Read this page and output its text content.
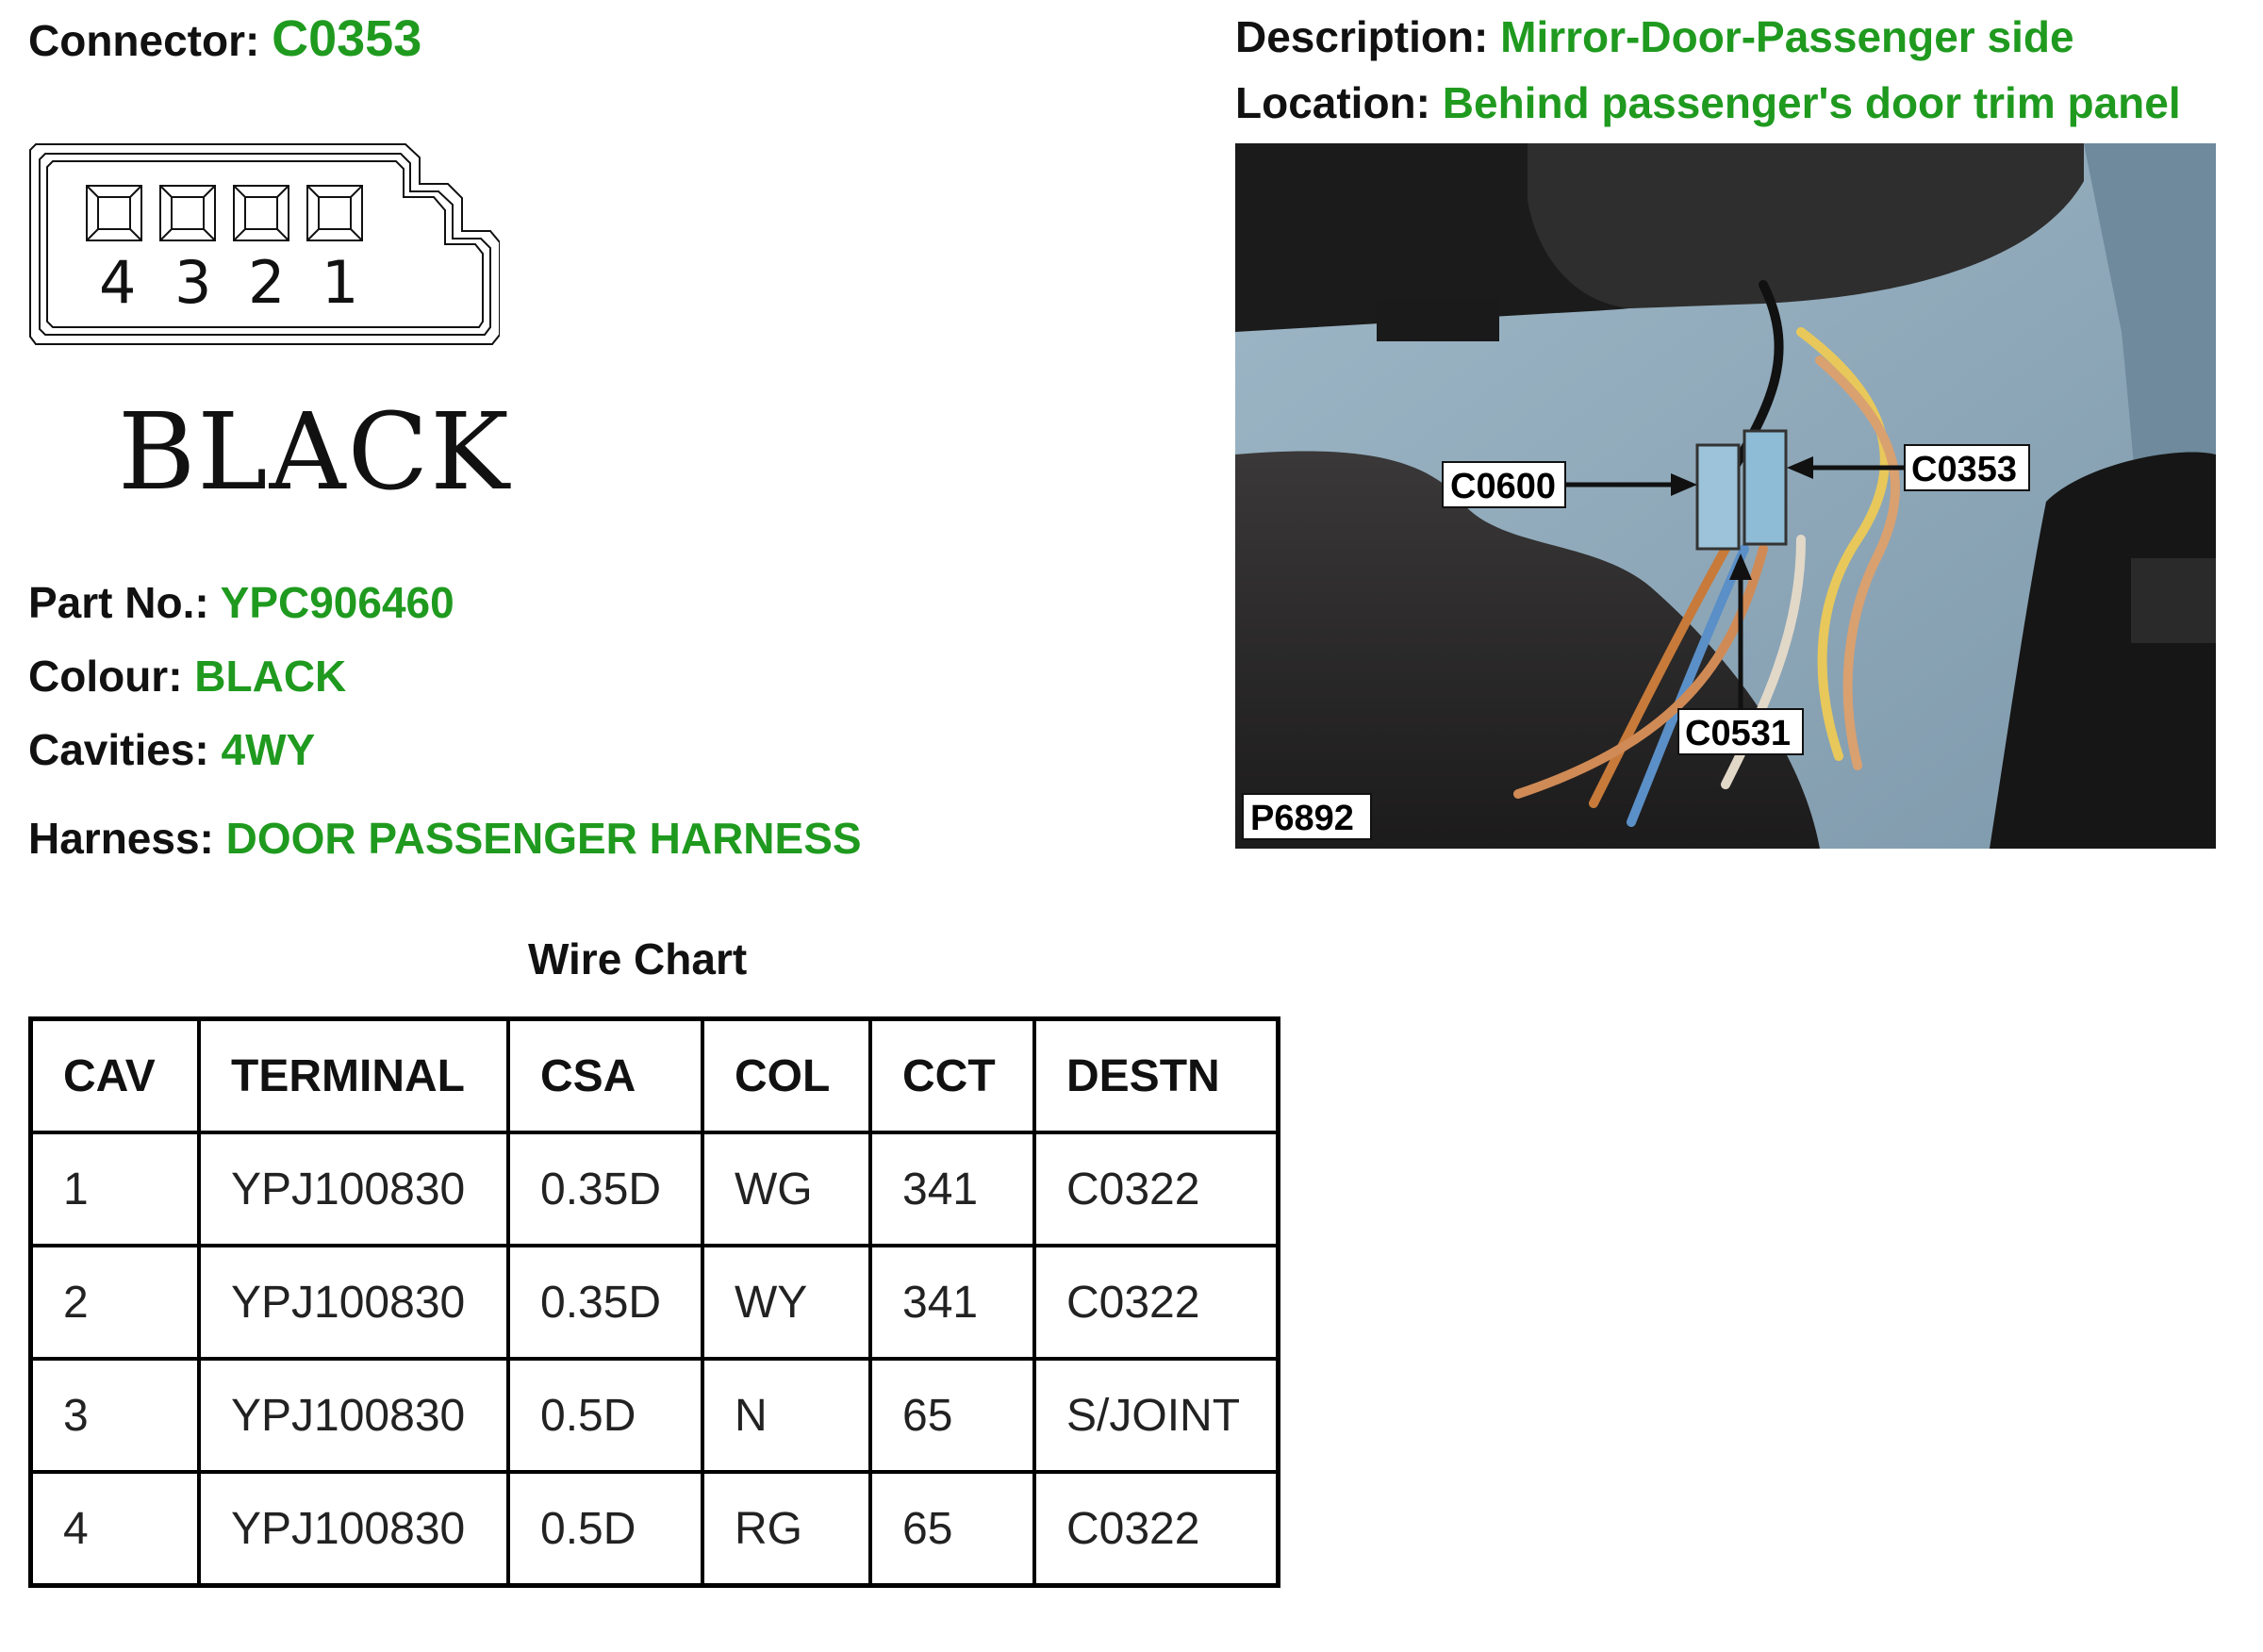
Connector: C0353	Description: Mirror-Door-Passenger side
Location: Behind passenger's door trim panel
4 3 2 1
BLACK
Part No.: YPC906460
Colour: BLACK
Cavities: 4WY
Harness: DOOR PASSENGER HARNESS
C0600	C0353
C0531
P6892
Wire Chart
CAV	TERMINAL	CSA	COL	CCT	DESTN
1	YPJ100830	0.35D	WG	341	C0322
2	YPJ100830	0.35D	WY	341	C0322
3	YPJ100830	0.5D	N	65	S/JOINT
4	YPJ100830	0.5D	RG	65	C0322
